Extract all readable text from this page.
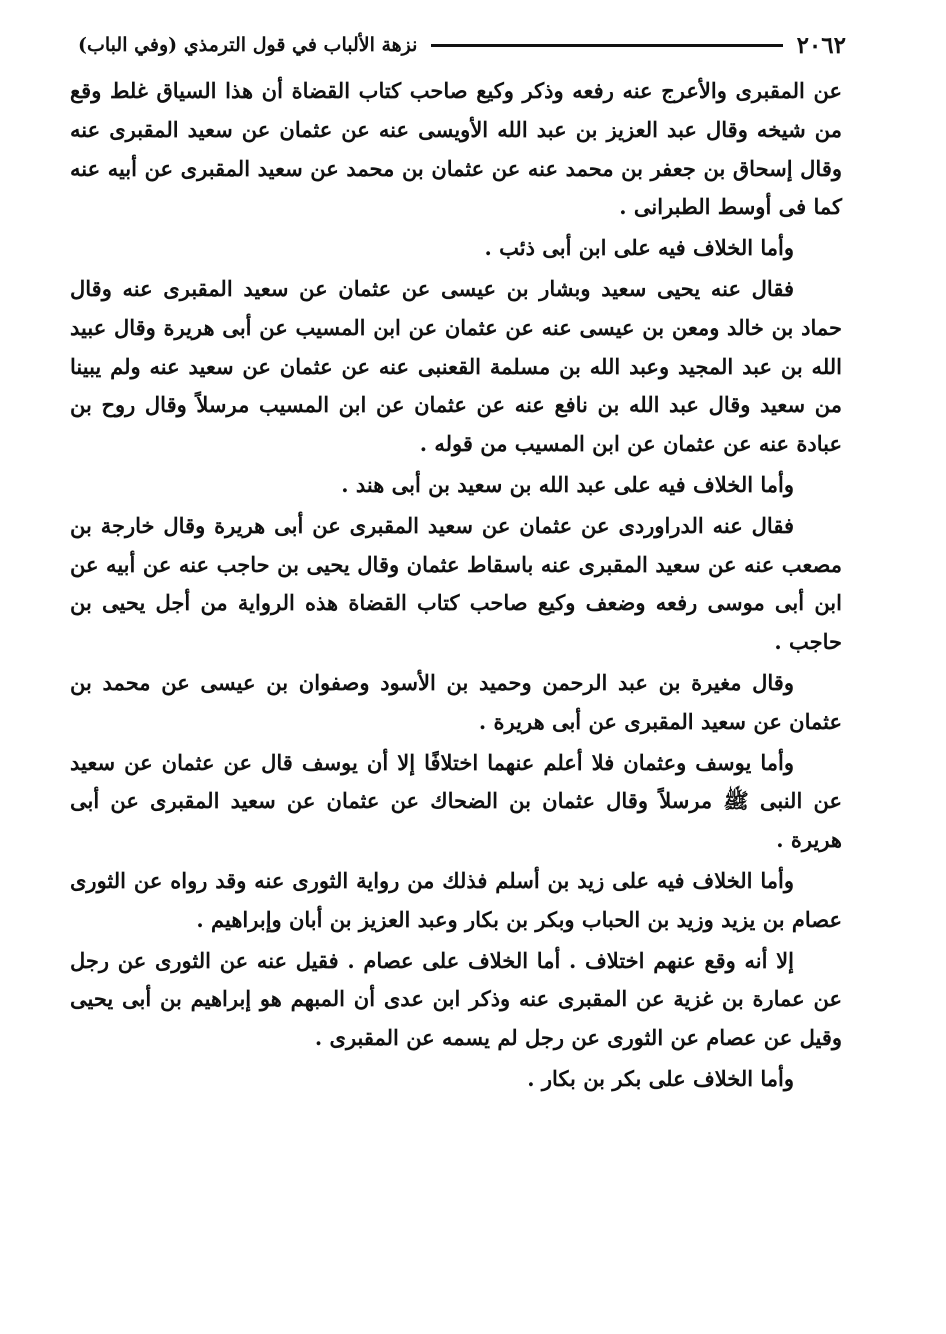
٢٠٦٢
نزهة الألباب في قول الترمذي (وفي الباب)

عن المقبرى والأعرج عنه رفعه وذكر وكيع صاحب كتاب القضاة أن هذا السياق غلط وقع من شيخه وقال عبد العزيز بن عبد الله الأويسى عنه عن عثمان عن سعيد المقبرى عنه وقال إسحاق بن جعفر بن محمد عنه عن عثمان بن محمد عن سعيد المقبرى عن أبيه عنه كما فى أوسط الطبرانى .

وأما الخلاف فيه على ابن أبى ذئب .

فقال عنه يحيى سعيد وبشار بن عيسى عن عثمان عن سعيد المقبرى عنه وقال حماد بن خالد ومعن بن عيسى عنه عن عثمان عن ابن المسيب عن أبى هريرة وقال عبيد الله بن عبد المجيد وعبد الله بن مسلمة القعنبى عنه عن عثمان عن سعيد عنه ولم يبينا من سعيد وقال عبد الله بن نافع عنه عن عثمان عن ابن المسيب مرسلاً وقال روح بن عبادة عنه عن عثمان عن ابن المسيب من قوله .

وأما الخلاف فيه على عبد الله بن سعيد بن أبى هند .

فقال عنه الدراوردى عن عثمان عن سعيد المقبرى عن أبى هريرة وقال خارجة بن مصعب عنه عن سعيد المقبرى عنه باسقاط عثمان وقال يحيى بن حاجب عنه عن أبيه عن ابن أبى موسى رفعه وضعف وكيع صاحب كتاب القضاة هذه الرواية من أجل يحيى بن حاجب .

وقال مغيرة بن عبد الرحمن وحميد بن الأسود وصفوان بن عيسى عن محمد بن عثمان عن سعيد المقبرى عن أبى هريرة .

وأما يوسف وعثمان فلا أعلم عنهما اختلافًا إلا أن يوسف قال عن عثمان عن سعيد عن النبى ﷺ مرسلاً وقال عثمان بن الضحاك عن عثمان عن سعيد المقبرى عن أبى هريرة .

وأما الخلاف فيه على زيد بن أسلم فذلك من رواية الثورى عنه وقد رواه عن الثورى عصام بن يزيد وزيد بن الحباب وبكر بن بكار وعبد العزيز بن أبان وإبراهيم .

إلا أنه وقع عنهم اختلاف . أما الخلاف على عصام . فقيل عنه عن الثورى عن رجل عن عمارة بن غزية عن المقبرى عنه وذكر ابن عدى أن المبهم هو إبراهيم بن أبى يحيى وقيل عن عصام عن الثورى عن رجل لم يسمه عن المقبرى .

وأما الخلاف على بكر بن بكار .
